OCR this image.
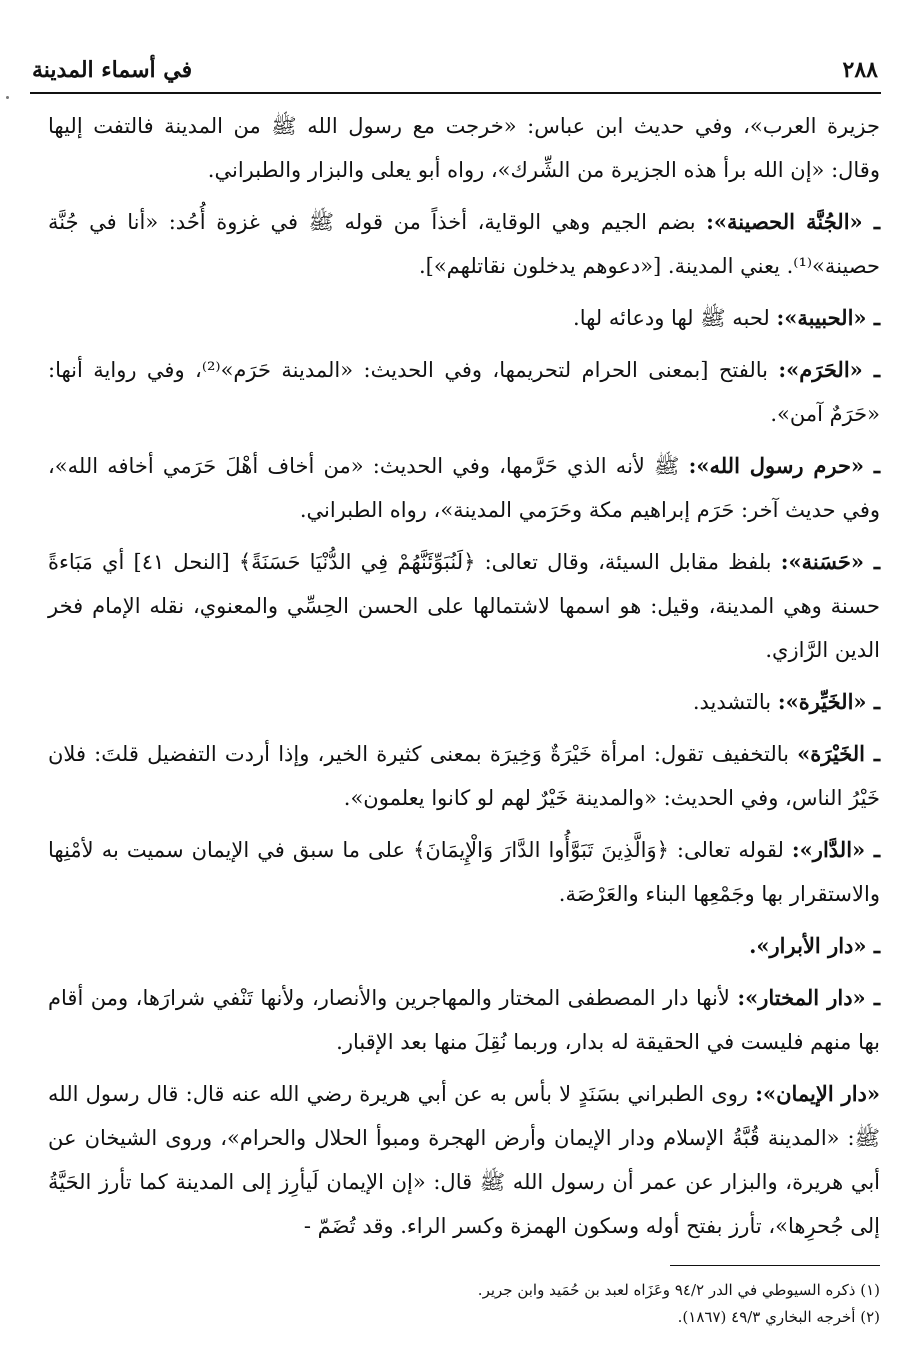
٢٨٨
في أسماء المدينة

جزيرة العرب»، وفي حديث ابن عباس: «خرجت مع رسول الله ﷺ من المدينة فالتفت إليها وقال: «إن الله برأ هذه الجزيرة من الشِّرك»، رواه أبو يعلى والبزار والطبراني.

ـ «الجُنَّة الحصينة»: بضم الجيم وهي الوقاية، أخذاً من قوله ﷺ في غزوة أُحُد: «أنا في جُنَّة حصينة»⁽¹⁾. يعني المدينة. [«دعوهم يدخلون نقاتلهم»].

ـ «الحبيبة»: لحبه ﷺ لها ودعائه لها.

ـ «الحَرَم»: بالفتح [بمعنى الحرام لتحريمها، وفي الحديث: «المدينة حَرَم»⁽²⁾، وفي رواية أنها: «حَرَمٌ آمن».

ـ «حرم رسول الله»: ﷺ لأنه الذي حَرَّمها، وفي الحديث: «من أخاف أهْلَ حَرَمي أخافه الله»، وفي حديث آخر: حَرَم إبراهيم مكة وحَرَمي المدينة»، رواه الطبراني.

ـ «حَسَنة»: بلفظ مقابل السيئة، وقال تعالى: ﴿لَنُبَوِّئَنَّهُمْ فِي الدُّنْيَا حَسَنَةً﴾ [النحل ٤١] أي مَبَاءةً حسنة وهي المدينة، وقيل: هو اسمها لاشتمالها على الحسن الحِسِّي والمعنوي، نقله الإمام فخر الدين الرَّازي.

ـ «الخَيِّرة»: بالتشديد.

ـ الخَيْرَة» بالتخفيف تقول: امرأة خَيْرَةٌ وَخِيرَة بمعنى كثيرة الخير، وإذا أردت التفضيل قلتَ: فلان خَيْرُ الناس، وفي الحديث: «والمدينة خَيْرٌ لهم لو كانوا يعلمون».

ـ «الدَّار»: لقوله تعالى: ﴿وَالَّذِينَ تَبَوَّأُوا الدَّارَ وَالْإِيمَانَ﴾ على ما سبق في الإيمان سميت به لأمْنِها والاستقرار بها وجَمْعِها البناء والعَرْصَة.

ـ «دار الأبرار».

ـ «دار المختار»: لأنها دار المصطفى المختار والمهاجرين والأنصار، ولأنها تَنْفي شرارَها، ومن أقام بها منهم فليست في الحقيقة له بدار، وربما نُقِلَ منها بعد الإقبار.

«دار الإيمان»: روى الطبراني بسَنَدٍ لا بأس به عن أبي هريرة رضي الله عنه قال: قال رسول الله ﷺ: «المدينة قُبَّةُ الإسلام ودار الإيمان وأرض الهجرة ومبوأ الحلال والحرام»، وروى الشيخان عن أبي هريرة، والبزار عن عمر أن رسول الله ﷺ قال: «إن الإيمان لَيأرِز إلى المدينة كما تأرز الحَيَّةُ إلى جُحرِها»، تأرز بفتح أوله وسكون الهمزة وكسر الراء. وقد تُضَمّ -

(١) ذكره السيوطي في الدر ٩٤/٢ وعَزَاه لعبد بن حُمَيد وابن جرير.
(٢) أخرجه البخاري ٤٩/٣ (١٨٦٧).
